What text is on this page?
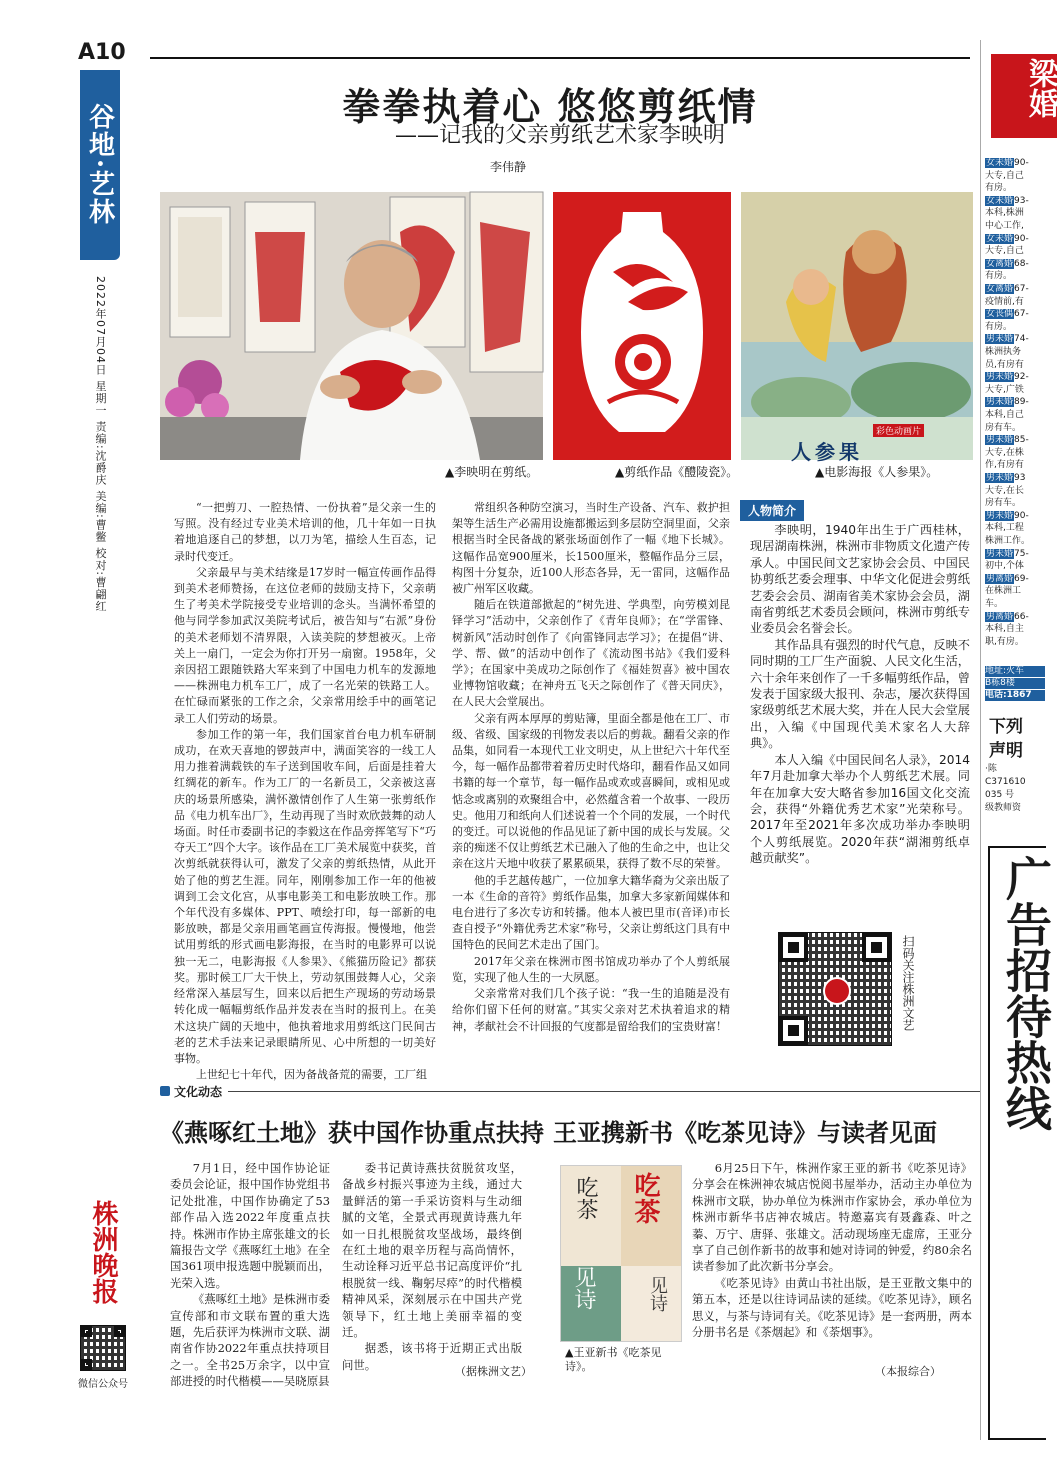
A10
谷地·艺林
2022年07月04日 星期一 责编:沈爵庆 美编:曹鳖 校对:曹翩红
株洲晚报
微信公众号
拳拳执着心 悠悠剪纸情
——记我的父亲剪纸艺术家李映明
李伟静
▲李映明在剪纸。	▲剪纸作品《醴陵瓷》。
彩色动画片
人参果
▲电影海报《人参果》。

“一把剪刀、一腔热情、一份执着”是父亲一生的写照。没有经过专业美术培训的他，几十年如一日执着地追逐自己的梦想，以刀为笔，描绘人生百态，记录时代变迁。

父亲最早与美术结缘是17岁时一幅宣传画作品得到美术老师赞扬，在这位老师的鼓励支持下，父亲萌生了考美术学院接受专业培训的念头。当满怀希望的他与同学参加武汉美院考试后，被告知与“右派”身份的美术老师划不清界限，入读美院的梦想被灭。上帝关上一扇门，一定会为你打开另一扇窗。1958年，父亲因招工跟随铁路大军来到了中国电力机车的发源地——株洲电力机车工厂，成了一名光荣的铁路工人。在忙碌而紧张的工作之余，父亲常用绘手中的画笔记录工人们劳动的场景。

参加工作的第一年，我们国家首台电力机车研制成功，在欢天喜地的锣鼓声中，满面笑容的一线工人用力推着满载铁的车子送到国收车间，后面是挂着大红绸花的新车。作为工厂的一名新员工，父亲被这喜庆的场景所感染，满怀激情创作了人生第一张剪纸作品《电力机车出厂》，生动再现了当时欢欣鼓舞的动人场面。时任市委副书记的李毅这在作品旁挥笔写下“巧夺天工”四个大字。该作品在工厂美术展览中获奖，首次剪纸就获得认可，激发了父亲的剪纸热情，从此开始了他的剪艺生涯。同年，刚刚参加工作一年的他被调到工会文化宫，从事电影美工和电影放映工作。那个年代没有多媒体、PPT、喷绘打印，每一部新的电影放映，都是父亲用画笔画宣传海报。慢慢地，他尝试用剪纸的形式画电影海报，在当时的电影界可以说独一无二，电影海报《人参果》、《熊猫历险记》都获奖。那时候工厂大干快上，劳动氛围鼓舞人心，父亲经常深入基层写生，回来以后把生产现场的劳动场景转化成一幅幅剪纸作品并发表在当时的报刊上。在美术这块广阔的天地中，他执着地求用剪纸这门民间古老的艺术手法来记录眼睛所见、心中所想的一切美好事物。

上世纪七十年代，因为备战备荒的需要，工厂组

常组织各种防空演习，当时生产设备、汽车、救护担架等生活生产必需用设施都搬运到多层防空洞里面，父亲根据当时全民备战的紧张场面创作了一幅《地下长城》。这幅作品宽900厘米，长1500厘米，整幅作品分三层，构图十分复杂，近100人形态各异，无一雷同，这幅作品被广州军区收藏。

随后在铁道部掀起的“树先进、学典型，向劳模刘昆铎学习”活动中，父亲创作了《青年良师》；在“学雷锋、树新风”活动时创作了《向雷锋同志学习》；在提倡“讲、学、帮、做”的活动中创作了《流动图书站》《我们爱科学》；在国家中美成功之际创作了《福娃贺喜》被中国农业博物馆收藏；在神舟五飞天之际创作了《普天同庆》，在人民大会堂展出。

父亲有两本厚厚的剪贴簿，里面全都是他在工厂、市级、省级、国家级的刊物发表以后的剪裁。翻看父亲的作品集，如同看一本现代工业文明史，从上世纪六十年代至今，每一幅作品都带着着历史时代烙印，翻看作品又如同书籍的每一个章节，每一幅作品或欢或喜瞬间，或相见或惦念或离别的欢聚组合中，必然蕴含着一个故事、一段历史。他用刀和纸向人们述说着一个个同的发展，一个时代的变迁。可以说他的作品见证了新中国的成长与发展。父亲的痴迷不仅让剪纸艺术已融入了他的生命之中，也让父亲在这片天地中收获了累累硕果，获得了数不尽的荣誉。

他的手艺越传越广，一位加拿大籍华裔为父亲出版了一本《生命的音符》剪纸作品集，加拿大多家新闻媒体和电台进行了多次专访和转播。他本人被巴里市(音译)市长查自授予“外籍优秀艺术家”称号，父亲让剪纸这门具有中国特色的民间艺术走出了国门。

2017年父亲在株洲市图书馆成功举办了个人剪纸展览，实现了他人生的一大夙愿。

父亲常常对我们几个孩子说：“我一生的追随是没有给你们留下任何的财富。”其实父亲对艺术执着追求的精神，孝献社会不计回报的气度都是留给我们的宝贵财富！

人物简介

李映明，1940年出生于广西桂林，现居湖南株洲，株洲市非物质文化遗产传承人。中国民间文艺家协会会员、中国民协剪纸艺委会理事、中华文化促进会剪纸艺委会会员、湖南省美术家协会会员，湖南省剪纸艺术委员会顾问，株洲市剪纸专业委员会名誉会长。

其作品具有强烈的时代气息，反映不同时期的工厂生产面貌、人民文化生活，六十余年来创作了一千多幅剪纸作品，曾发表于国家级大报刊、杂志，屡次获得国家级剪纸艺术展大奖，并在人民大会堂展出，入编《中国现代美术家名人大辞典》。

本人入编《中国民间名人录》，2014年7月赴加拿大举办个人剪纸艺术展。同年在加拿大安大略省参加16国文化交流会，获得“外籍优秀艺术家”光荣称号。2017年至2021年多次成功举办李映明个人剪纸展览。2020年获“湖湘剪纸卓越贡献奖”。

扫码关注株洲文艺
文化动态
《燕啄红土地》获中国作协重点扶持

7月1日，经中国作协论证委员会论证，报中国作协党组书记处批准，中国作协确定了53部作品入选2022年度重点扶持。株洲市作协主席张雄文的长篇报告文学《燕啄红土地》在全国361项申报选题中脱颖而出，光荣入选。

《燕啄红土地》是株洲市委宣传部和市文联布置的重大选题，先后获评为株洲市文联、湖南省作协2022年重点扶持项目之一。全书25万余字，以中宣部进授的时代楷模——吴晓原县

委书记黄诗燕扶贫脱贫攻坚，备战乡村振兴事迹为主线，通过大量鲜活的第一手采访资料与生动细腻的文笔，全景式再现黄诗燕九年如一日扎根脱贫攻坚战场，最终倒在红土地的艰辛历程与高尚情怀，生动诠释习近平总书记高度评价“扎根脱贫一线、鞠躬尽瘁”的时代楷模精神风采，深刻展示在中国共产党领导下，红土地上美丽幸福的变迁。

据悉，该书将于近期正式出版问世。	（据株洲文艺）
王亚携新书《吃茶见诗》与读者见面
吃茶 吃茶
见诗	见诗
▲王亚新书《吃茶见诗》。

6月25日下午，株洲作家王亚的新书《吃茶见诗》分享会在株洲神农城店悦阅书屋举办，活动主办单位为株洲市文联，协办单位为株洲市作家协会，承办单位为株洲市新华书店神农城店。特邀嘉宾有聂鑫森、叶之蓁、万宁、唐驿、张雄文。活动现场座无虚席，王亚分享了自己创作新书的故事和她对诗词的钟爱，约80余名读者参加了此次新书分享会。

《吃茶见诗》由黄山书社出版，是王亚散文集中的第五本，还是以往诗词品读的延续。《吃茶见诗》，顾名思义，与茶与诗词有关。《吃茶见诗》是一套两册，两本分册书名是《茶烟起》和《荼烟事》。

（本报综合）
梁婚
女未婚90-
大专,自己
有房。
女未婚93-
本科,株洲
中心工作,
女未婚90-
大专,自己
女离婚68-
有房。
女离婚67-
疫情前,有
女丧偶67-
有房。
男未婚74-
株洲执务
员,有房有
男未婚92-
大专,广铁
男未婚89-
本科,自己
房有车。
男未婚85-
大专,在株
作,有房有
男未婚93
大专,在长
房有车。
男未婚90-
本科,工程
株洲工作。
男未婚75-
初中,个体
男离婚69-
在株洲工
车。
男离婚66-
本科,自主
职,有房。
地址:火车
B栋8楼
电话:1867
下列
声明
·陈
C371610
035 号
级教师资
广告招待热线
